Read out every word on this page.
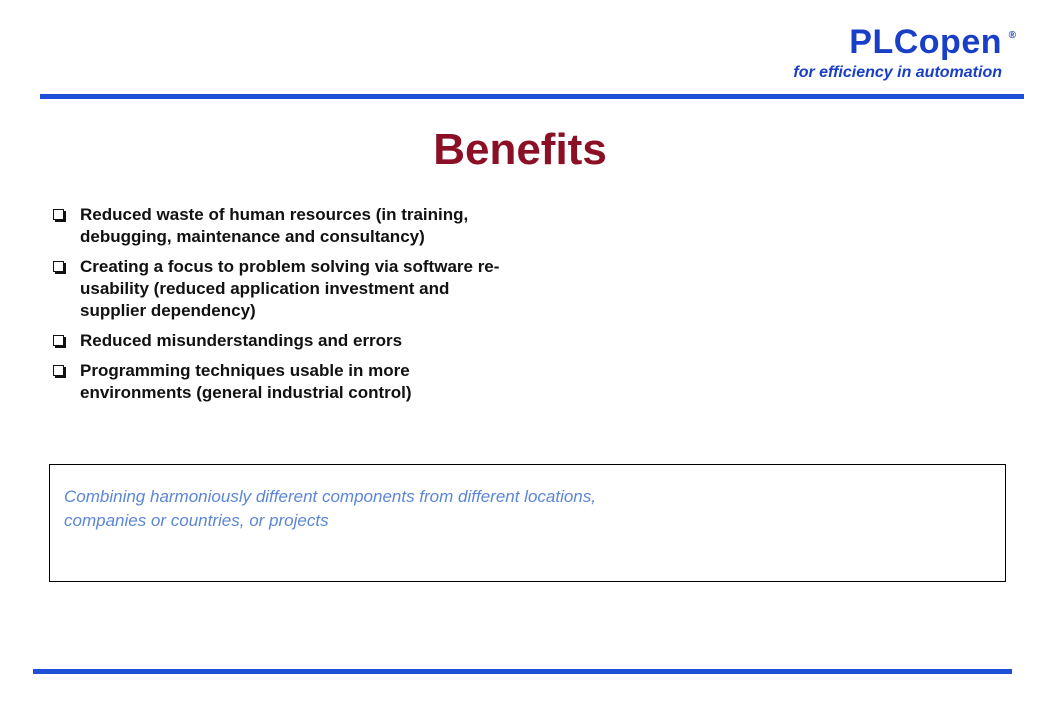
PLCopen ®
for efficiency in automation
Benefits
Reduced waste of human resources (in training, debugging, maintenance and consultancy)
Creating a focus to problem solving via software re-usability (reduced application investment and supplier dependency)
Reduced misunderstandings and errors
Programming techniques usable in more environments (general industrial control)
Combining harmoniously different components from different locations, companies or countries, or projects
